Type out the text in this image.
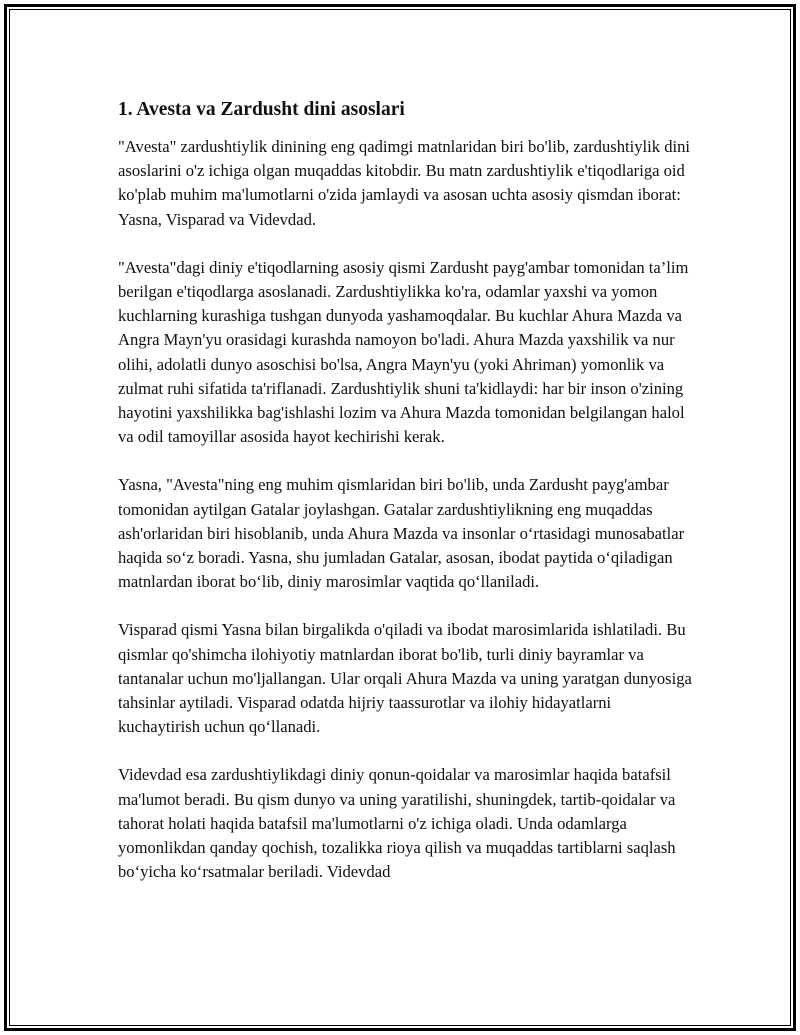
1. Avesta va Zardusht dini asoslari

"Avesta" zardushtiylik dinining eng qadimgi matnlaridan biri bo'lib, zardushtiylik dini asoslarini o'z ichiga olgan muqaddas kitobdir. Bu matn zardushtiylik e'tiqodlariga oid ko'plab muhim ma'lumotlarni o'zida jamlaydi va asosan uchta asosiy qismdan iborat: Yasna, Visparad va Videvdad.

"Avesta"dagi diniy e'tiqodlarning asosiy qismi Zardusht payg'ambar tomonidan ta’lim berilgan e'tiqodlarga asoslanadi. Zardushtiylikka ko'ra, odamlar yaxshi va yomon kuchlarning kurashiga tushgan dunyoda yashamoqdalar. Bu kuchlar Ahura Mazda va Angra Mayn'yu orasidagi kurashda namoyon bo'ladi. Ahura Mazda yaxshilik va nur olihi, adolatli dunyo asoschisi bo'lsa, Angra Mayn'yu (yoki Ahriman) yomonlik va zulmat ruhi sifatida ta'riflanadi. Zardushtiylik shuni ta'kidlaydi: har bir inson o'zining hayotini yaxshilikka bag'ishlashi lozim va Ahura Mazda tomonidan belgilangan halol va odil tamoyillar asosida hayot kechirishi kerak.

Yasna, "Avesta"ning eng muhim qismlaridan biri bo'lib, unda Zardusht payg'ambar tomonidan aytilgan Gatalar joylashgan. Gatalar zardushtiylikning eng muqaddas ash'orlaridan biri hisoblanib, unda Ahura Mazda va insonlar o‘rtasidagi munosabatlar haqida so‘z boradi. Yasna, shu jumladan Gatalar, asosan, ibodat paytida o‘qiladigan matnlardan iborat bo‘lib, diniy marosimlar vaqtida qo‘llaniladi.

Visparad qismi Yasna bilan birgalikda o'qiladi va ibodat marosimlarida ishlatiladi. Bu qismlar qo'shimcha ilohiyotiy matnlardan iborat bo'lib, turli diniy bayramlar va tantanalar uchun mo'ljallangan. Ular orqali Ahura Mazda va uning yaratgan dunyosiga tahsinlar aytiladi. Visparad odatda hijriy taassurotlar va ilohiy hidayatlarni kuchaytirish uchun qo‘llanadi.

Videvdad esa zardushtiylikdagi diniy qonun-qoidalar va marosimlar haqida batafsil ma'lumot beradi. Bu qism dunyo va uning yaratilishi, shuningdek, tartib-qoidalar va tahorat holati haqida batafsil ma'lumotlarni o'z ichiga oladi. Unda odamlarga yomonlikdan qanday qochish, tozalikka rioya qilish va muqaddas tartiblarni saqlash bo‘yicha ko‘rsatmalar beriladi. Videvdad
